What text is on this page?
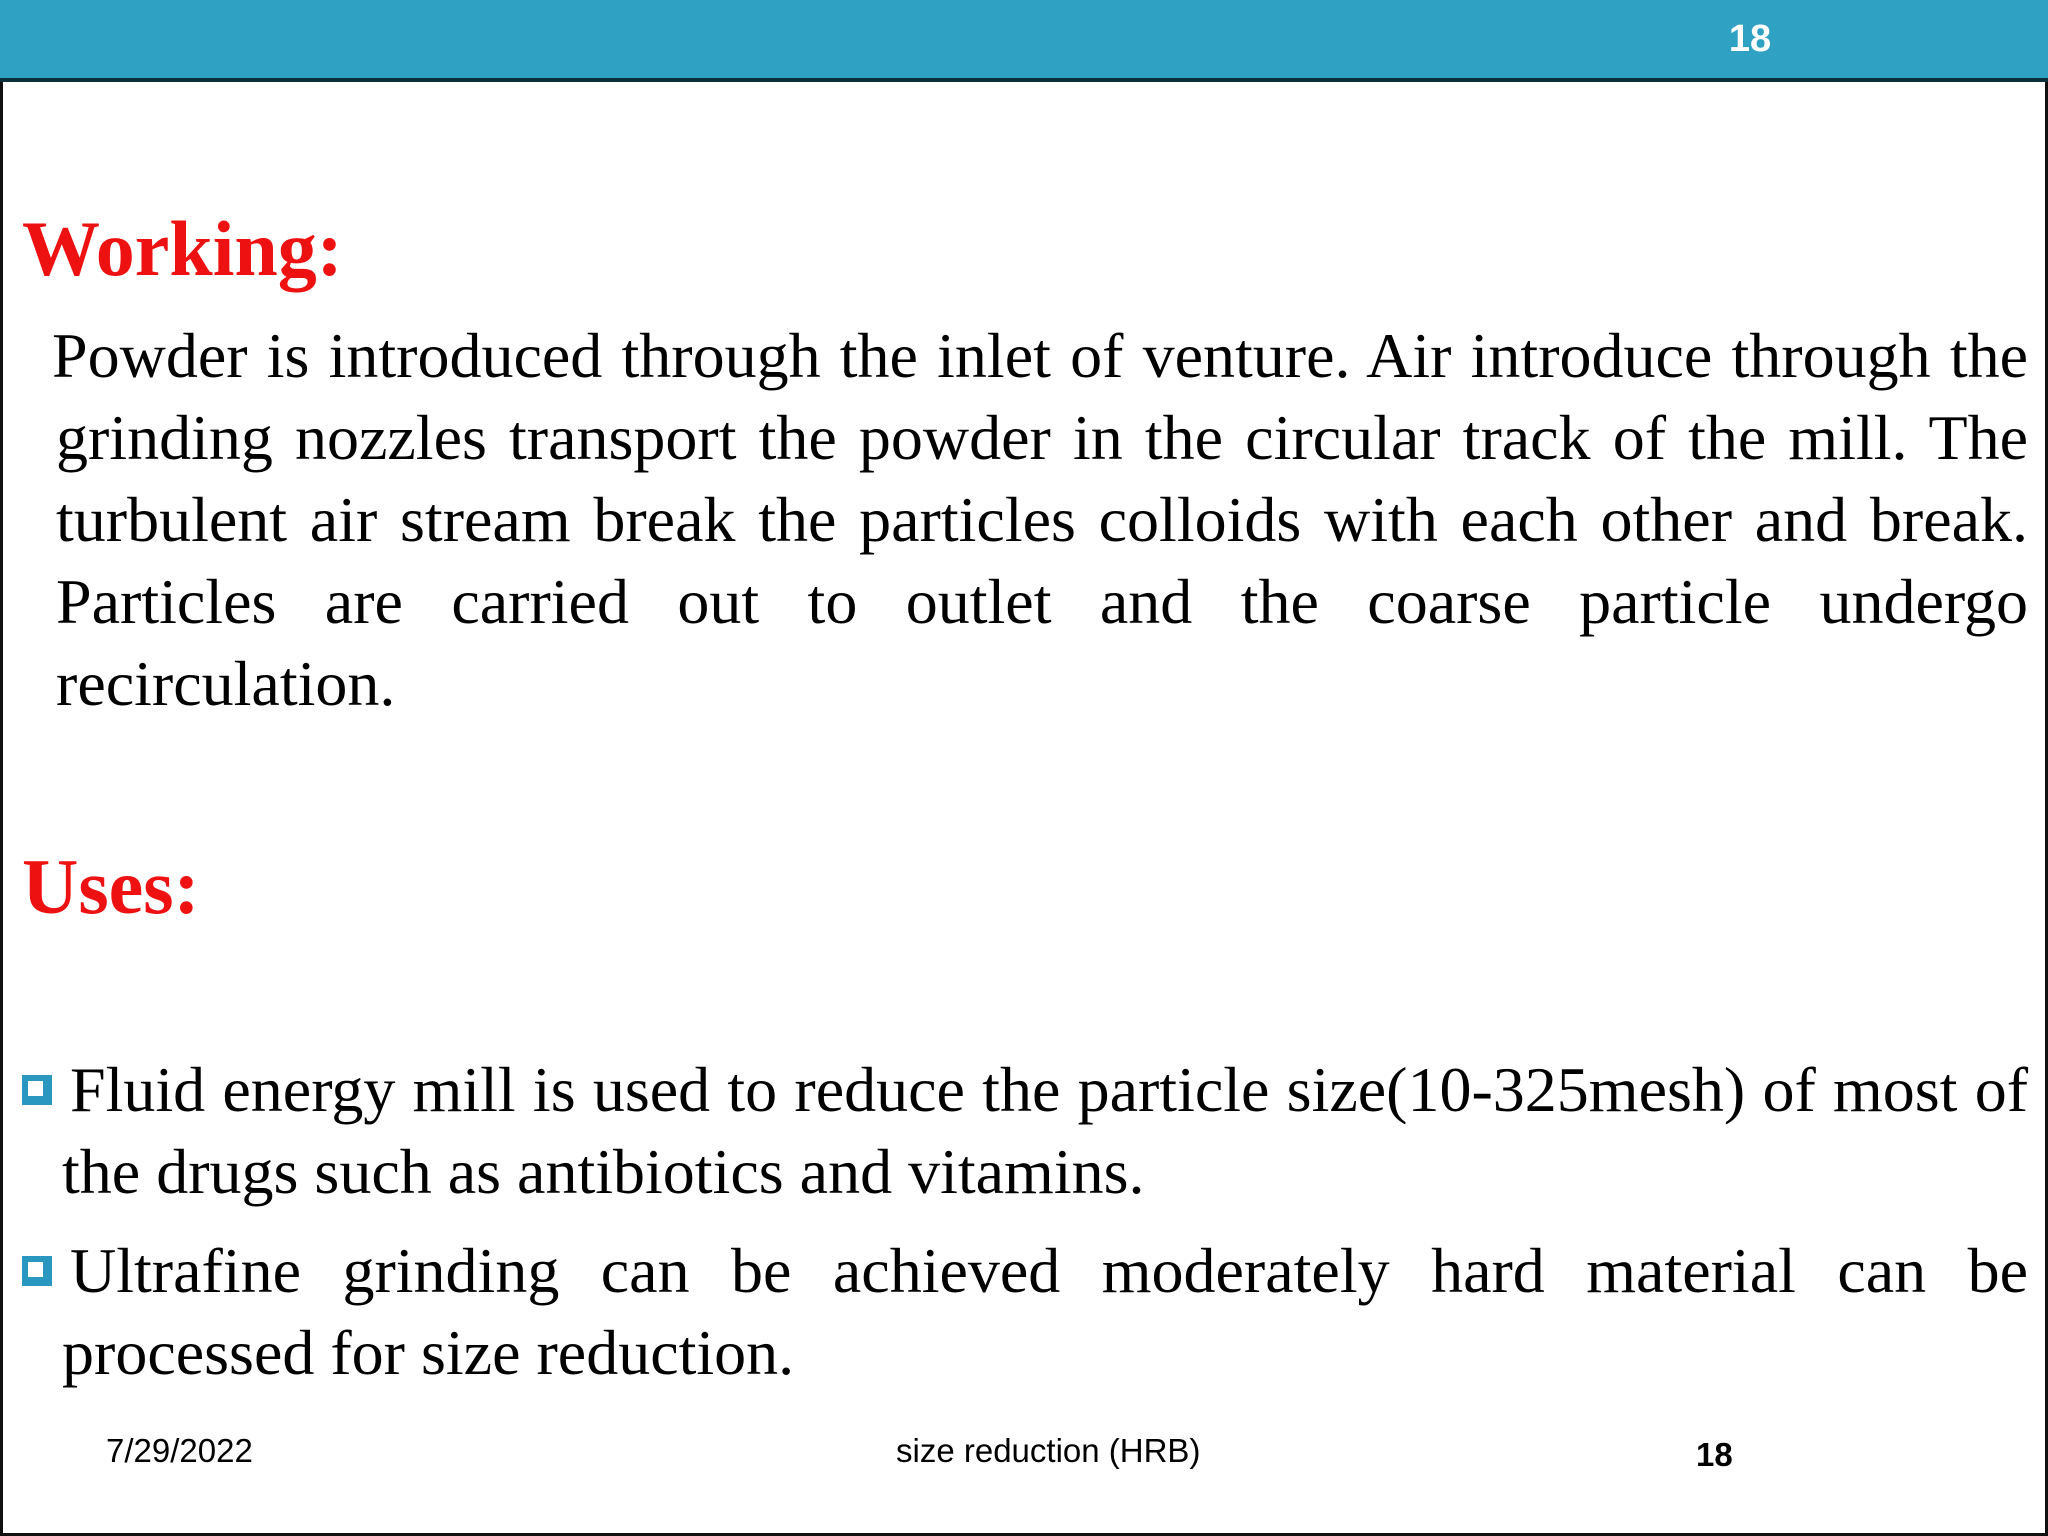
18
Working:

Powder is introduced through the inlet of venture. Air introduce through the grinding nozzles transport the powder in the circular track of the mill. The turbulent air stream break the particles colloids with each other and break. Particles are carried out to outlet and the coarse particle undergo recirculation.

Uses:

Fluid energy mill is used to reduce the particle size(10-325mesh) of most of the drugs such as antibiotics and vitamins.

Ultrafine grinding can be achieved moderately hard material can be processed for size reduction.

7/29/2022	size reduction (HRB)	18
